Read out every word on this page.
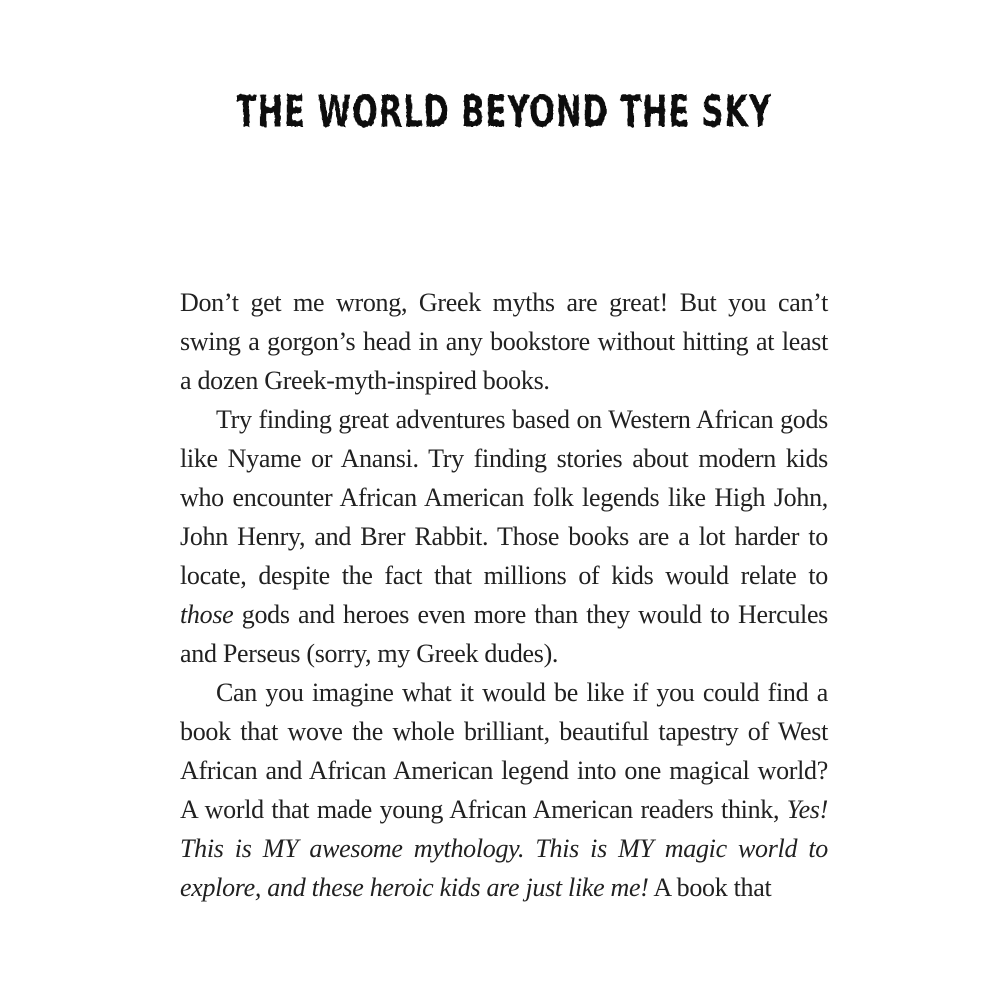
THE WORLD BEYOND THE SKY

Don’t get me wrong, Greek myths are great! But you can’t swing a gorgon’s head in any bookstore without hitting at least a dozen Greek-myth-inspired books.

Try finding great adventures based on Western African gods like Nyame or Anansi. Try finding stories about modern kids who encounter African American folk legends like High John, John Henry, and Brer Rabbit. Those books are a lot harder to locate, despite the fact that millions of kids would relate to those gods and heroes even more than they would to Hercules and Perseus (sorry, my Greek dudes).

Can you imagine what it would be like if you could find a book that wove the whole brilliant, beautiful tapestry of West African and African American legend into one magical world? A world that made young African American readers think, Yes! This is MY awesome mythology. This is MY magic world to explore, and these heroic kids are just like me! A book that
